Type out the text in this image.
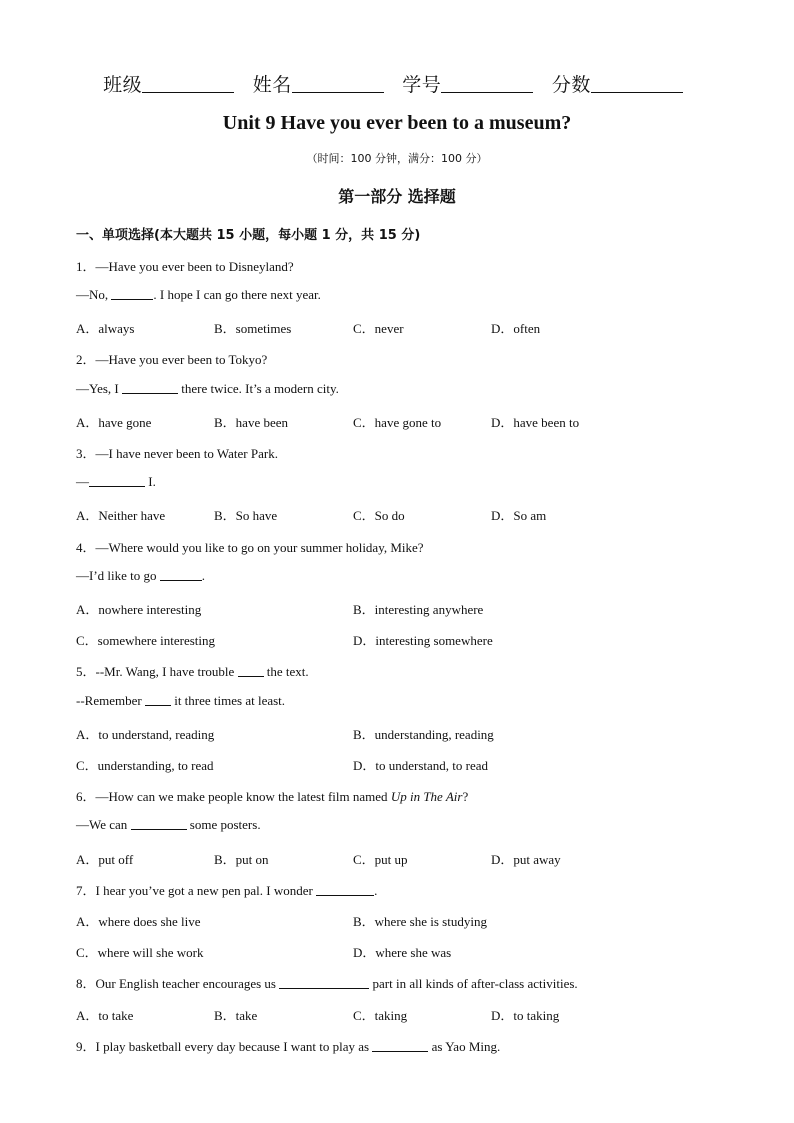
班级	姓名	学号	分数
Unit 9 Have you ever been to a museum?
（时间：100 分钟，满分：100 分）
第一部分 选择题
一、单项选择(本大题共 15 小题，每小题 1 分，共 15 分)
1．—Have you ever been to Disneyland?
—No,	. I hope I can go there next year.
A．always	B．sometimes	C．never	D．often
2．—Have you ever been to Tokyo?
—Yes, I	there twice. It’s a modern city.
A．have gone	B．have been	C．have gone to	D．have been to
3．—I have never been to Water Park.
—	I.
A．Neither have	B．So have	C．So do	D．So am
4．—Where would you like to go on your summer holiday, Mike?
—I’d like to go	.
A．nowhere interesting	B．interesting anywhere
C．somewhere interesting	D．interesting somewhere
5．--Mr. Wang, I have trouble  the text.
--Remember  it three times at least.
A．to understand, reading	B．understanding, reading
C．understanding, to read	D．to understand, to read
6．—How can we make people know the latest film named Up in The Air?
—We can	some posters.
A．put off	B．put on	C．put up	D．put away
7．I hear you’ve got a new pen pal. I wonder	.
A．where does she live	B．where she is studying
C．where will she work	D．where she was
8．Our English teacher encourages us	part in all kinds of after-class activities.
A．to take	B．take	C．taking	D．to taking
9．I play basketball every day because I want to play as	as Yao Ming.
